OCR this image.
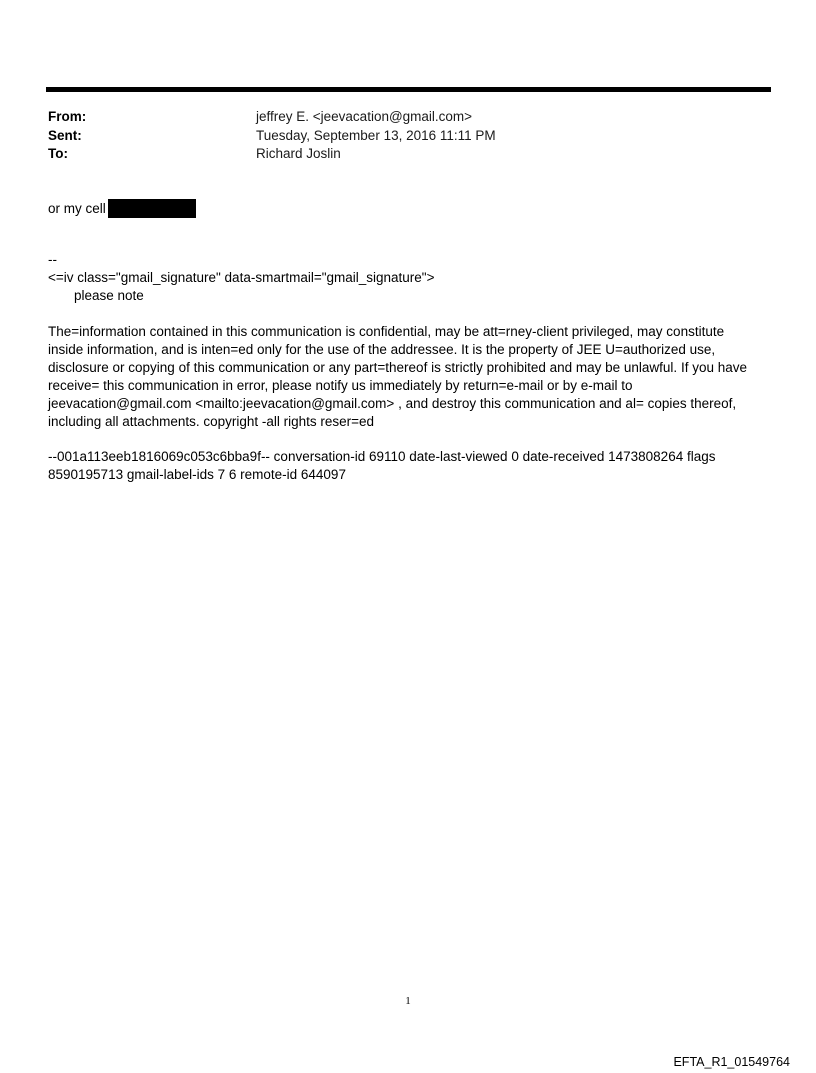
From:	jeffrey E. <jeevacation@gmail.com>
Sent:	Tuesday, September 13, 2016 11:11 PM
To:	Richard Joslin
or my cell
--
<=iv class="gmail_signature" data-smartmail="gmail_signature">
please note

The=information contained in this communication is confidential, may be att=rney-client privileged, may constitute

inside information, and is inten=ed only for the use of the addressee. It is the property of JEE U=authorized use,

disclosure or copying of this communication or any part=thereof is strictly prohibited and may be unlawful. If you have

receive= this communication in error, please notify us immediately by return=e-mail or by e-mail to

jeevacation@gmail.com <mailto:jeevacation@gmail.com> , and destroy this communication and al= copies thereof,

including all attachments. copyright -all rights reser=ed

--001a113eeb1816069c053c6bba9f-- conversation-id 69110 date-last-viewed 0 date-received 1473808264 flags

8590195713 gmail-label-ids 7 6 remote-id 644097

1
EFTA_R1_01549764
